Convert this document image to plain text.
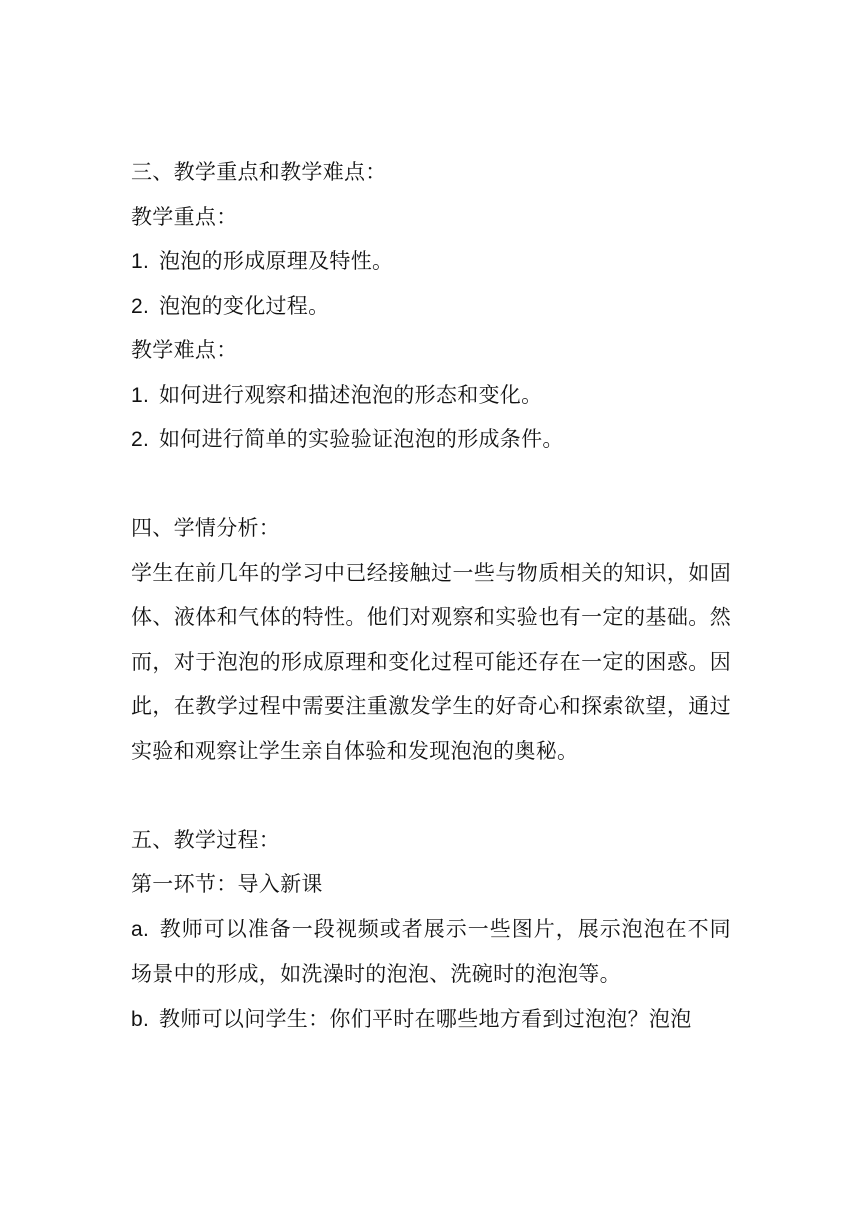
三、教学重点和教学难点：
教学重点：
1. 泡泡的形成原理及特性。
2. 泡泡的变化过程。
教学难点：
1. 如何进行观察和描述泡泡的形态和变化。
2. 如何进行简单的实验验证泡泡的形成条件。
四、学情分析：
学生在前几年的学习中已经接触过一些与物质相关的知识，如固体、液体和气体的特性。他们对观察和实验也有一定的基础。然而，对于泡泡的形成原理和变化过程可能还存在一定的困惑。因此，在教学过程中需要注重激发学生的好奇心和探索欲望，通过实验和观察让学生亲自体验和发现泡泡的奥秘。
五、教学过程：
第一环节：导入新课
a. 教师可以准备一段视频或者展示一些图片，展示泡泡在不同场景中的形成，如洗澡时的泡泡、洗碗时的泡泡等。
b. 教师可以问学生：你们平时在哪些地方看到过泡泡？泡泡
